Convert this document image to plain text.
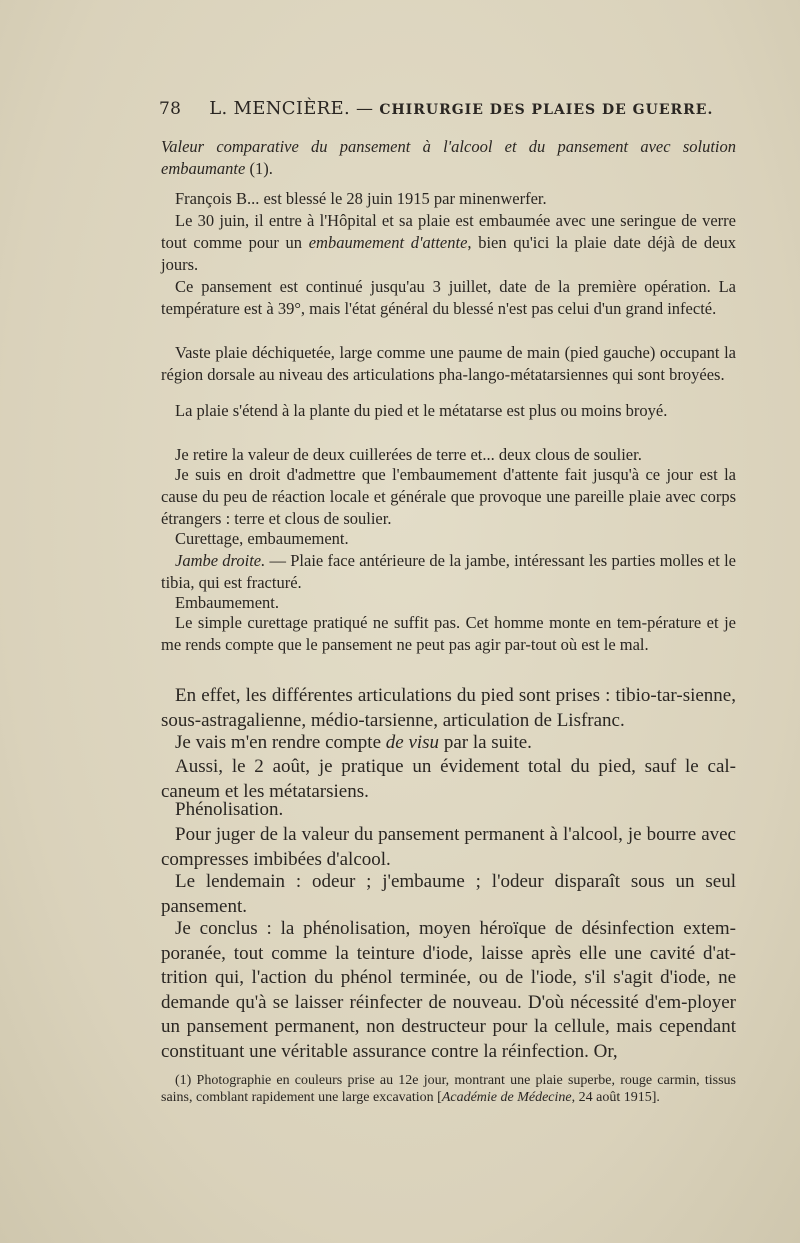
78 L. MENCIÈRE. — CHIRURGIE DES PLAIES DE GUERRE.

Valeur comparative du pansement à l'alcool et du pansement avec solution embaumante (1).

François B... est blessé le 28 juin 1915 par minenwerfer.

Le 30 juin, il entre à l'Hôpital et sa plaie est embaumée avec une seringue de verre tout comme pour un embaumement d'attente, bien qu'ici la plaie date déjà de deux jours.

Ce pansement est continué jusqu'au 3 juillet, date de la première opération. La température est à 39°, mais l'état général du blessé n'est pas celui d'un grand infecté.

Vaste plaie déchiquetée, large comme une paume de main (pied gauche) occupant la région dorsale au niveau des articulations pha-lango-métatarsiennes qui sont broyées.

La plaie s'étend à la plante du pied et le métatarse est plus ou moins broyé.

Je retire la valeur de deux cuillerées de terre et... deux clous de soulier.

Je suis en droit d'admettre que l'embaumement d'attente fait jusqu'à ce jour est la cause du peu de réaction locale et générale que provoque une pareille plaie avec corps étrangers : terre et clous de soulier.

Curettage, embaumement.

Jambe droite. — Plaie face antérieure de la jambe, intéressant les parties molles et le tibia, qui est fracturé.

Embaumement.

Le simple curettage pratiqué ne suffit pas. Cet homme monte en tem-pérature et je me rends compte que le pansement ne peut pas agir par-tout où est le mal.

En effet, les différentes articulations du pied sont prises : tibio-tar-sienne, sous-astragalienne, médio-tarsienne, articulation de Lisfranc.

Je vais m'en rendre compte de visu par la suite.

Aussi, le 2 août, je pratique un évidement total du pied, sauf le cal-caneum et les métatarsiens.

Phénolisation.

Pour juger de la valeur du pansement permanent à l'alcool, je bourre avec compresses imbibées d'alcool.

Le lendemain : odeur ; j'embaume ; l'odeur disparaît sous un seul pansement.

Je conclus : la phénolisation, moyen héroïque de désinfection extem-poranée, tout comme la teinture d'iode, laisse après elle une cavité d'at-trition qui, l'action du phénol terminée, ou de l'iode, s'il s'agit d'iode, ne demande qu'à se laisser réinfecter de nouveau. D'où nécessité d'em-ployer un pansement permanent, non destructeur pour la cellule, mais cependant constituant une véritable assurance contre la réinfection. Or,

(1) Photographie en couleurs prise au 12e jour, montrant une plaie superbe, rouge carmin, tissus sains, comblant rapidement une large excavation [Académie de Médecine, 24 août 1915].
